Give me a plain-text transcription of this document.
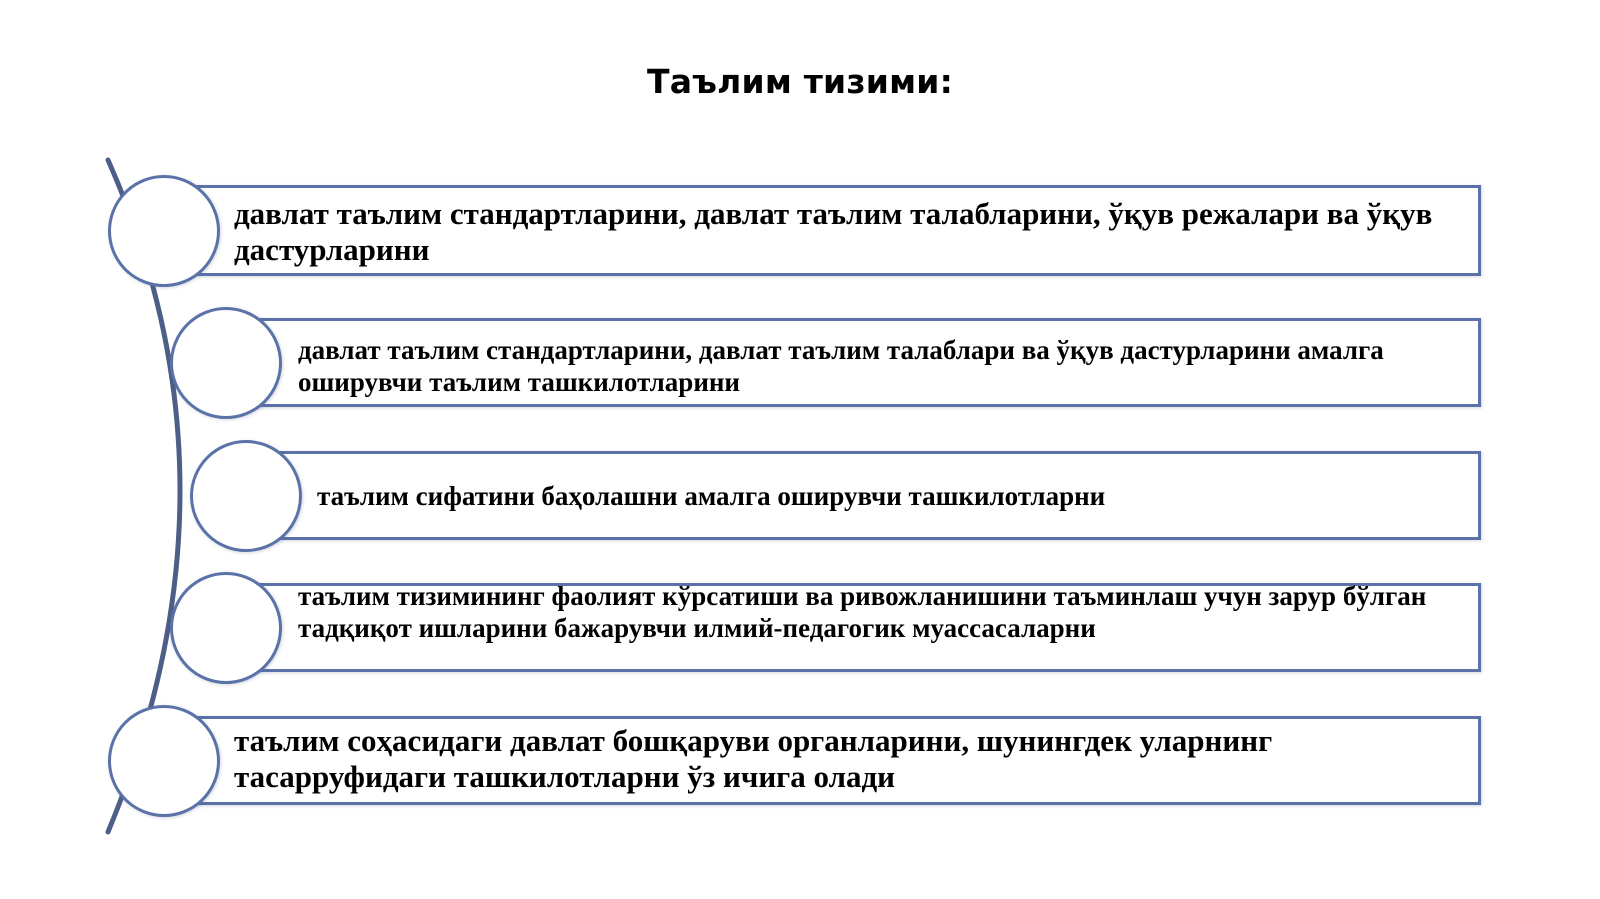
Таълим тизими:
давлат таълим стандартларини, давлат таълим талабларини, ўқув режалари ва ўқув дастурларини
давлат таълим стандартларини, давлат таълим талаблари ва ўқув дастурларини амалга оширувчи таълим ташкилотларини
таълим сифатини баҳолашни амалга оширувчи ташкилотларни
таълим тизимининг фаолият кўрсатиши ва ривожланишини таъминлаш учун зарур бўлган тадқиқот ишларини бажарувчи илмий-педагогик муассасаларни
таълим соҳасидаги давлат бошқаруви органларини, шунингдек уларнинг тасарруфидаги ташкилотларни ўз ичига олади
